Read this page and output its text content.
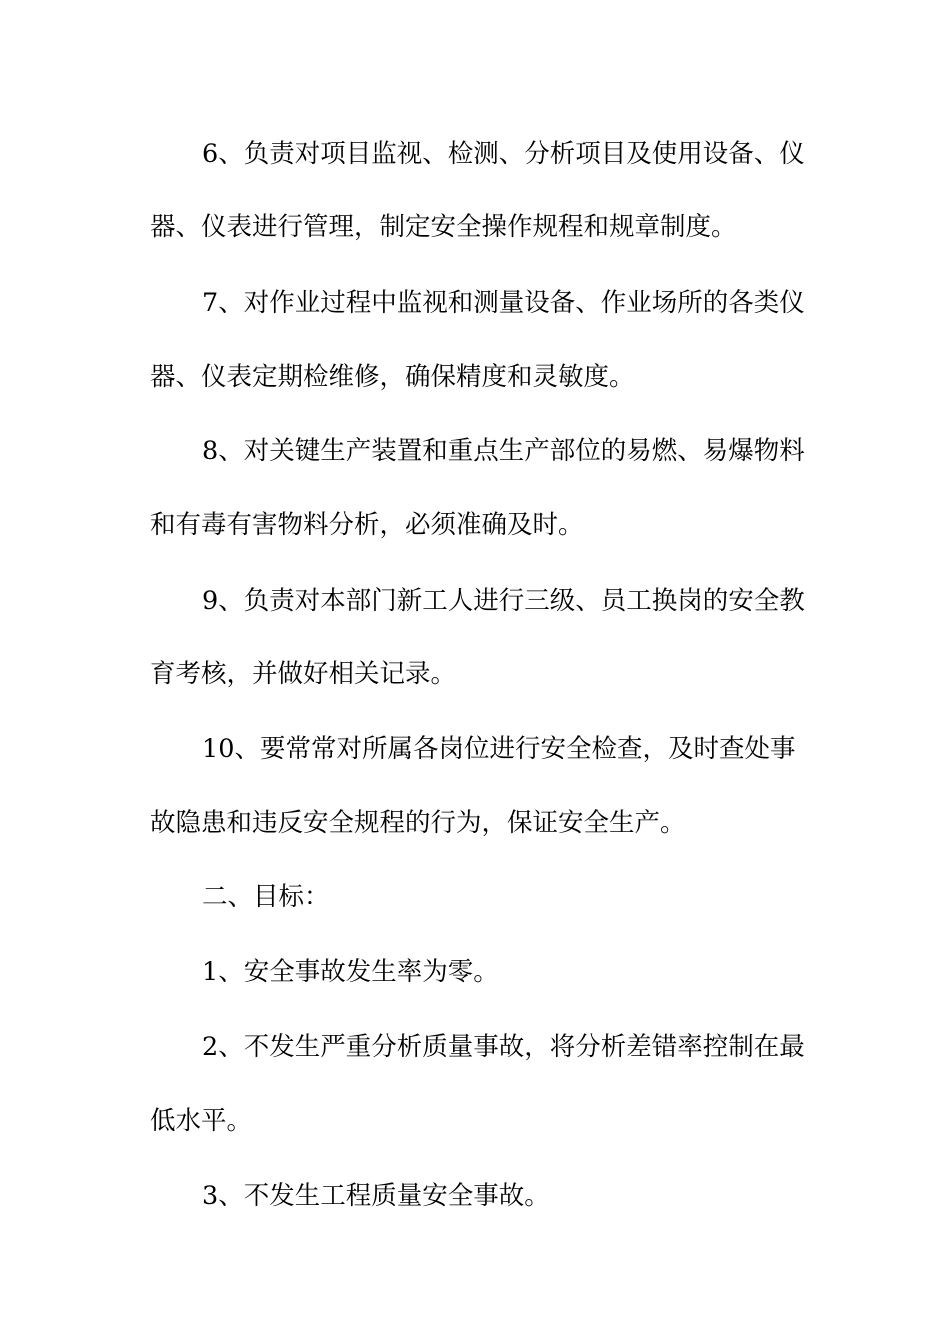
6、负责对项目监视、检测、分析项目及使用设备、仪

器、仪表进行管理，制定安全操作规程和规章制度。

7、对作业过程中监视和测量设备、作业场所的各类仪

器、仪表定期检维修，确保精度和灵敏度。

8、对关键生产装置和重点生产部位的易燃、易爆物料

和有毒有害物料分析，必须准确及时。

9、负责对本部门新工人进行三级、员工换岗的安全教

育考核，并做好相关记录。

10、要常常对所属各岗位进行安全检查，及时查处事

故隐患和违反安全规程的行为，保证安全生产。

二、目标：

1、安全事故发生率为零。

2、不发生严重分析质量事故，将分析差错率控制在最

低水平。

3、不发生工程质量安全事故。
